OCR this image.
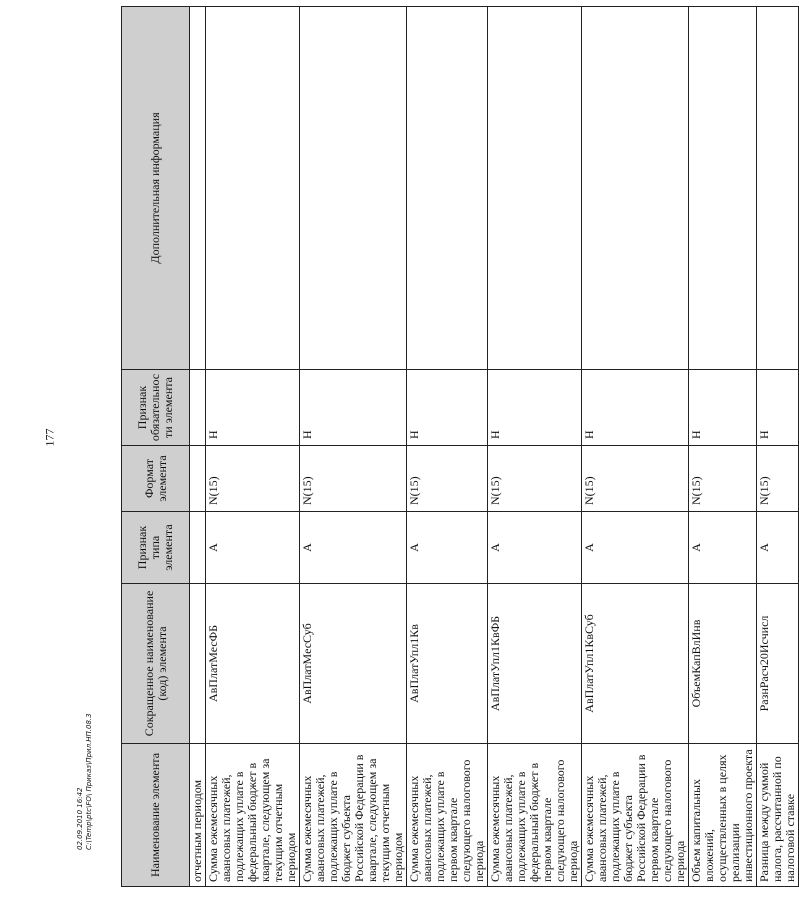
177
Наименование элемента	Сокращенное наименование (код) элемента	Признак типа элемента	Формат элемента	Признак обязательности элемента	Дополнительная информация
отчетным периодом					
Сумма ежемесячных авансовых платежей, подлежащих уплате в федеральный бюджет в квартале, следующем за текущим отчетным периодом	АвПлатМесФБ	А	N(15)	Н	
Сумма ежемесячных авансовых платежей, подлежащих уплате в бюджет субъекта Российской Федерации в квартале, следующем за текущим отчетным периодом	АвПлатМесСуб	А	N(15)	Н	
Сумма ежемесячных авансовых платежей, подлежащих уплате в первом квартале следующего налогового периода	АвПлатУпл1Кв	А	N(15)	Н	
Сумма ежемесячных авансовых платежей, подлежащих уплате в федеральный бюджет в первом квартале следующего налогового периода	АвПлатУпл1КвФБ	А	N(15)	Н	
Сумма ежемесячных авансовых платежей, подлежащих уплате в бюджет субъекта Российской Федерации в первом квартале следующего налогового периода	АвПлатУпл1КвСуб	А	N(15)	Н	
Объем капитальных вложений, осуществленных в целях реализации инвестиционного проекта	ОбъемКапВлИнв	А	N(15)	Н	
Разница между суммой налога, рассчитанной по налоговой ставке	РазнРасч20Исчисл	А	N(15)	Н	
02.09.2010 16:42 C:\Temp\ptc\FO\ Приказ\Прил.НП.08.3
